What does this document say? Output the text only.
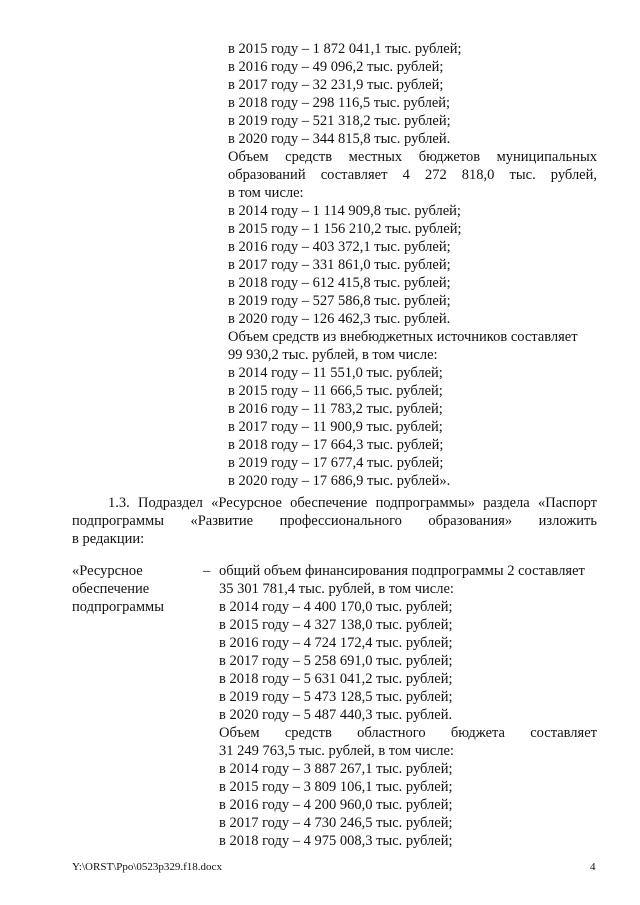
в 2015 году – 1 872 041,1 тыс. рублей;
в 2016 году – 49 096,2 тыс. рублей;
в 2017 году – 32 231,9 тыс. рублей;
в 2018 году – 298 116,5 тыс. рублей;
в 2019 году – 521 318,2 тыс. рублей;
в 2020 году – 344 815,8 тыс. рублей.
Объем средств местных бюджетов муниципальных
образований составляет 4 272 818,0 тыс. рублей,
в том числе:
в 2014 году – 1 114 909,8 тыс. рублей;
в 2015 году – 1 156 210,2 тыс. рублей;
в 2016 году – 403 372,1 тыс. рублей;
в 2017 году – 331 861,0 тыс. рублей;
в 2018 году – 612 415,8 тыс. рублей;
в 2019 году – 527 586,8 тыс. рублей;
в 2020 году – 126 462,3 тыс. рублей.
Объем средств из внебюджетных источников составляет
99 930,2 тыс. рублей, в том числе:
в 2014 году – 11 551,0 тыс. рублей;
в 2015 году – 11 666,5 тыс. рублей;
в 2016 году – 11 783,2 тыс. рублей;
в 2017 году – 11 900,9 тыс. рублей;
в 2018 году – 17 664,3 тыс. рублей;
в 2019 году – 17 677,4 тыс. рублей;
в 2020 году – 17 686,9 тыс. рублей».
1.3. Подраздел «Ресурсное обеспечение подпрограммы» раздела «Паспорт
подпрограммы «Развитие профессионального образования» изложить
в редакции:
«Ресурсное
обеспечение
подпрограммы
– общий объем финансирования подпрограммы 2 составляет
35 301 781,4 тыс. рублей, в том числе:
в 2014 году – 4 400 170,0 тыс. рублей;
в 2015 году – 4 327 138,0 тыс. рублей;
в 2016 году – 4 724 172,4 тыс. рублей;
в 2017 году – 5 258 691,0 тыс. рублей;
в 2018 году – 5 631 041,2 тыс. рублей;
в 2019 году – 5 473 128,5 тыс. рублей;
в 2020 году – 5 487 440,3 тыс. рублей.
Объем средств областного бюджета составляет
31 249 763,5 тыс. рублей, в том числе:
в 2014 году – 3 887 267,1 тыс. рублей;
в 2015 году – 3 809 106,1 тыс. рублей;
в 2016 году – 4 200 960,0 тыс. рублей;
в 2017 году – 4 730 246,5 тыс. рублей;
в 2018 году – 4 975 008,3 тыс. рублей;
Y:\ORST\Ppo\0523p329.f18.docx	4
